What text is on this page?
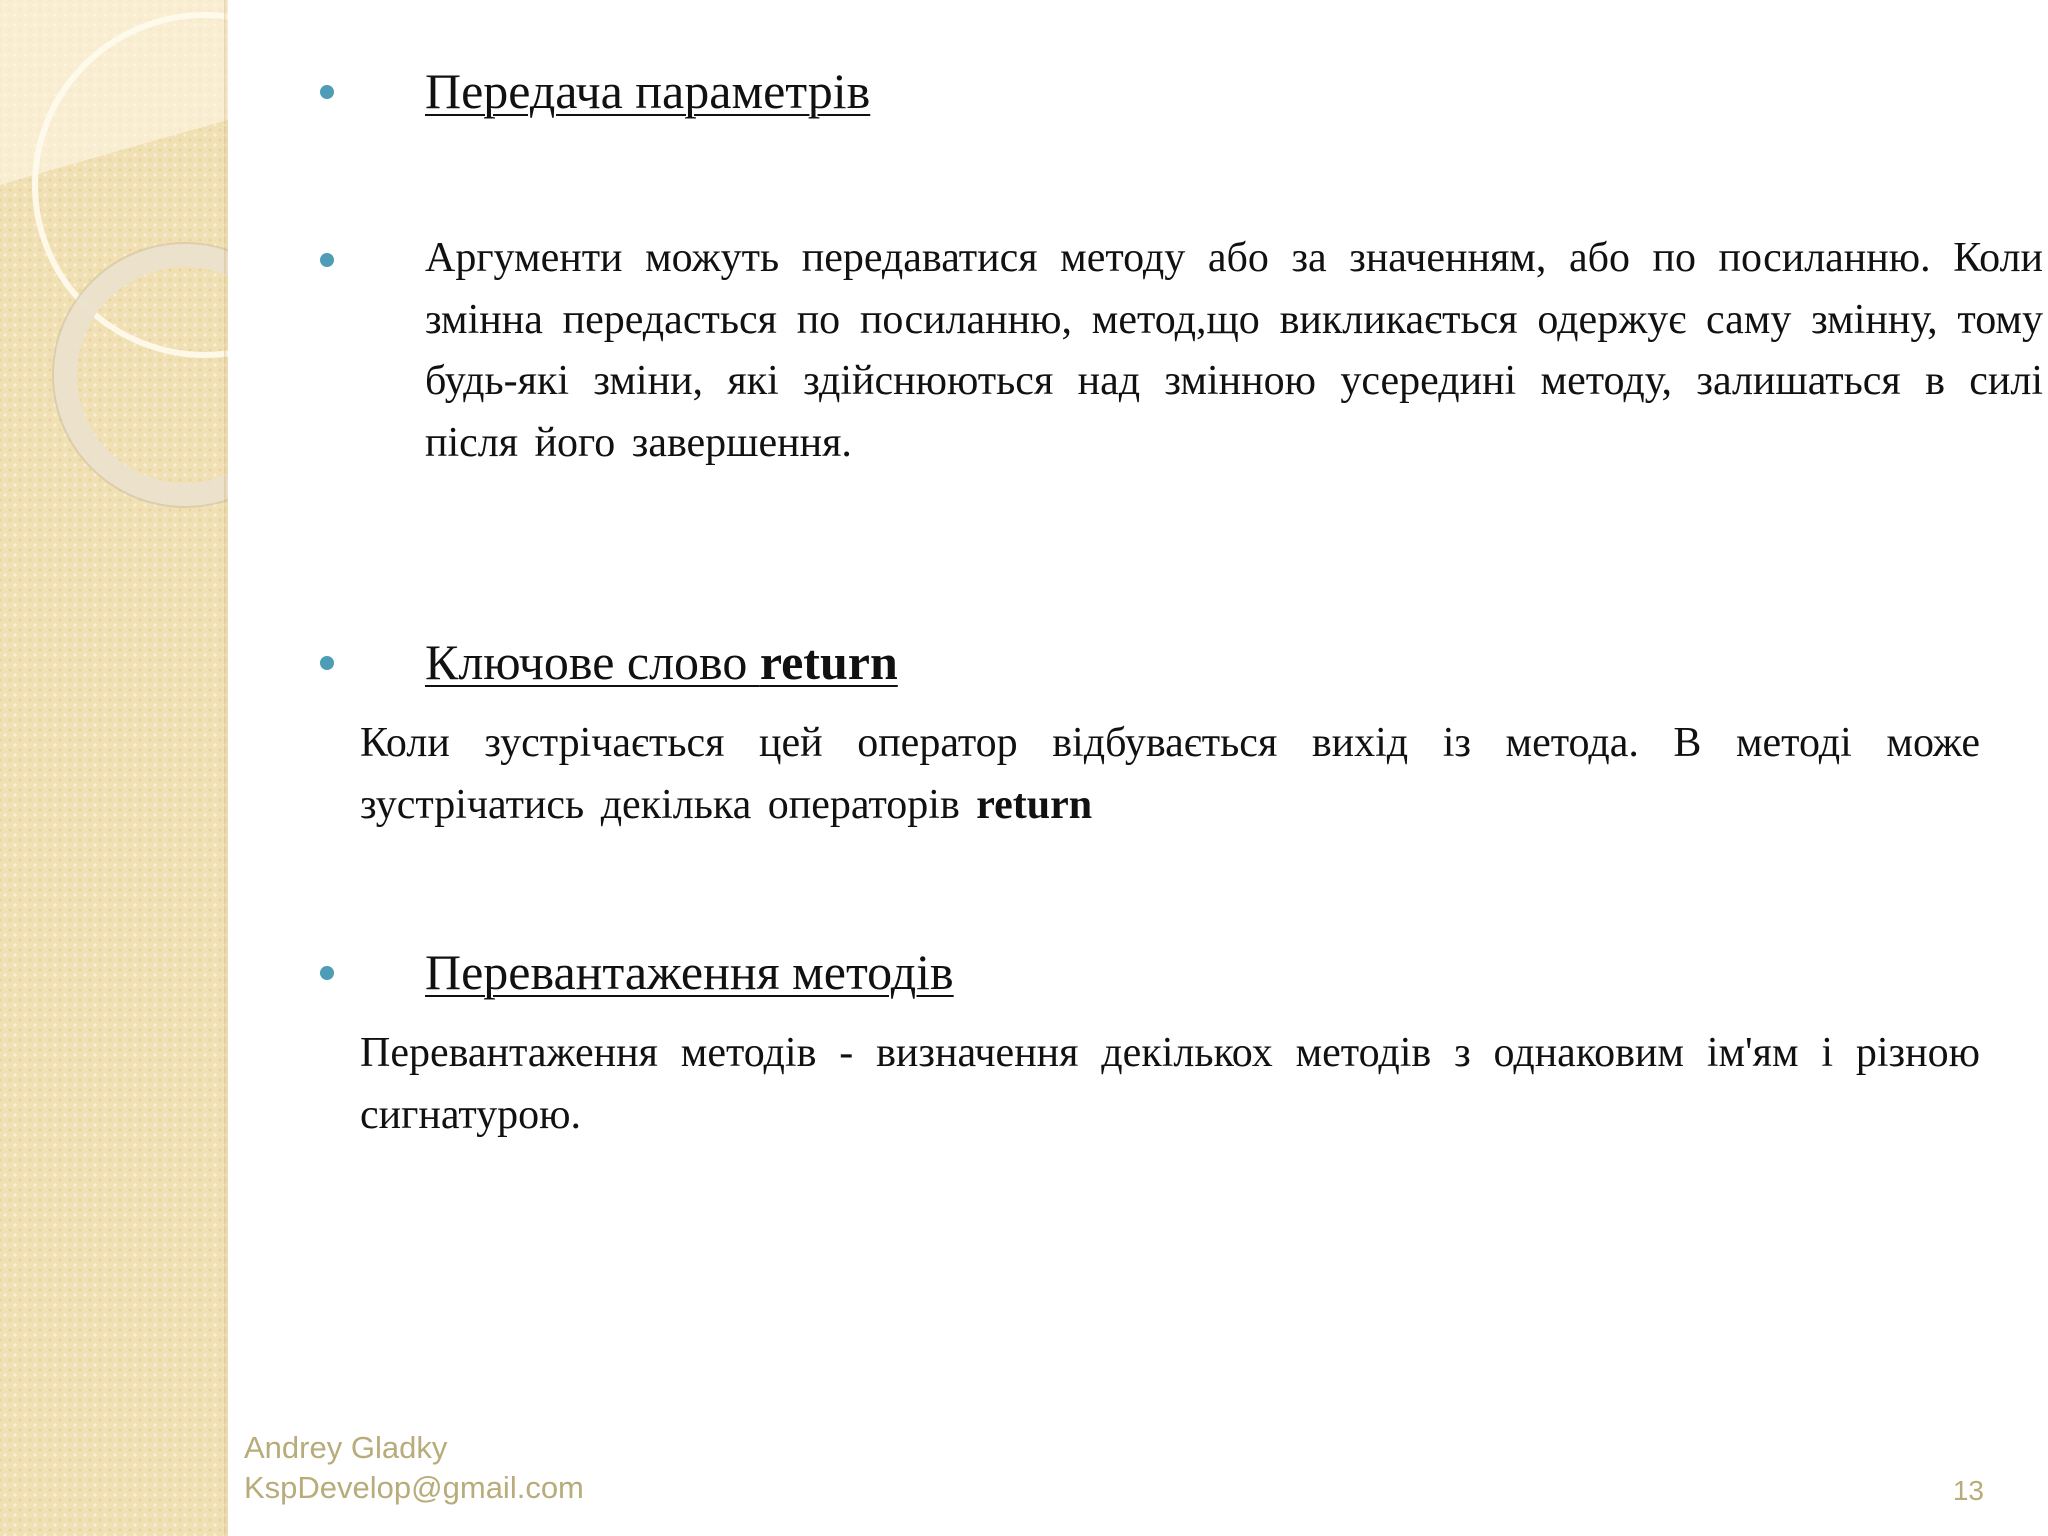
Передача параметрів
Аргументи можуть передаватися методу або за значенням, або по посиланню. Коли змінна передасться по посиланню, метод,що викликається одержує саму змінну, тому будь-які зміни, які здійснюються над змінною усередині методу, залишаться в силі після його завершення.
Ключове слово return
Коли зустрічається цей оператор відбувається вихід із метода. В методі може зустрічатись декілька операторів return
Перевантаження методів
Перевантаження методів - визначення декількох методів з однаковим ім'ям і різною сигнатурою.
Andrey Gladky
KspDevelop@gmail.com	13
